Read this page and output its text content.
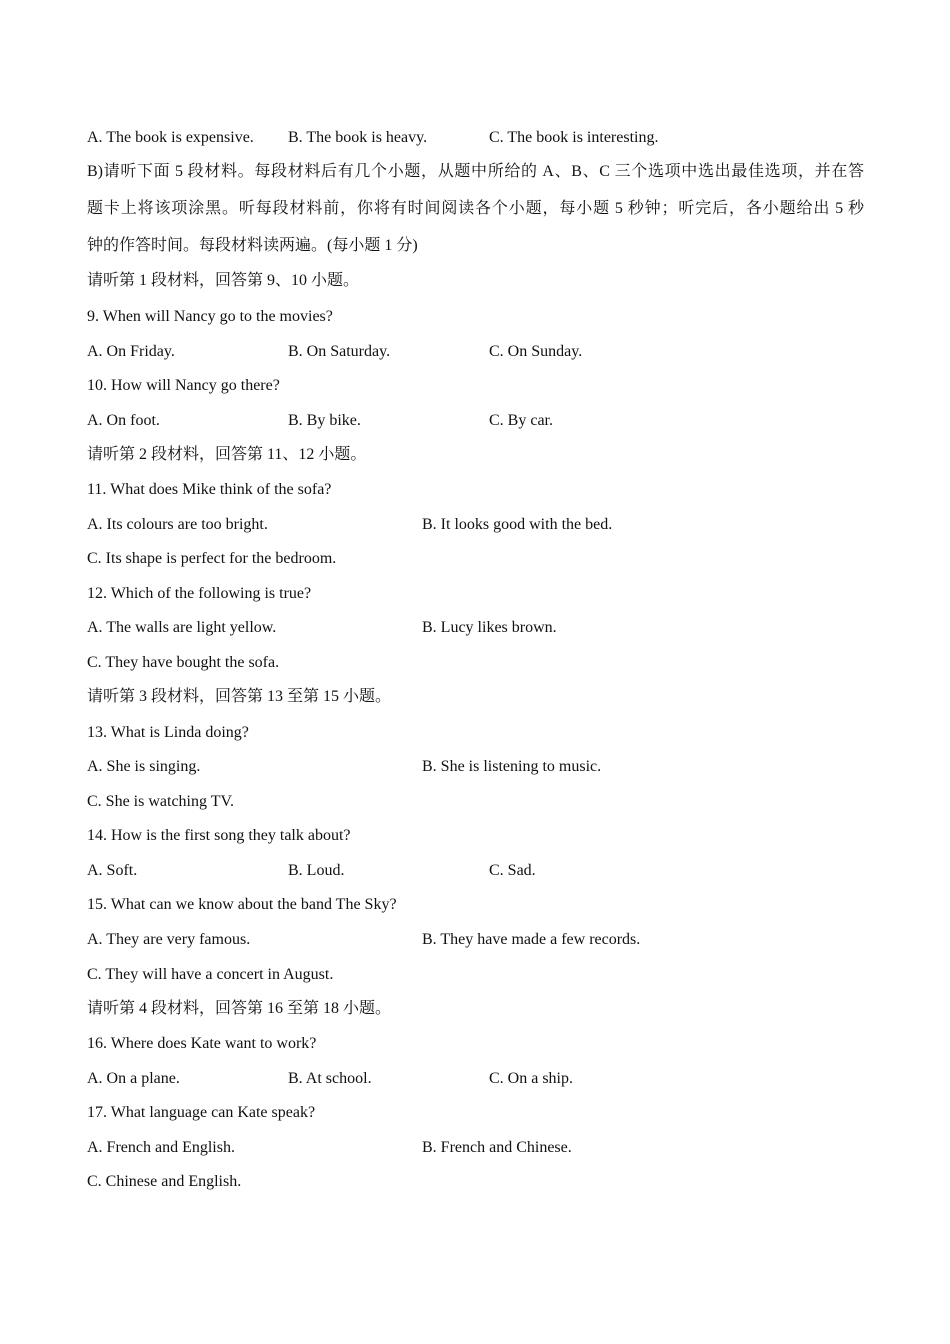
A. The book is expensive. B. The book is heavy.	C. The book is interesting.
B)请听下面 5 段材料。每段材料后有几个小题，从题中所给的 A、B、C 三个选项中选出最佳选项，并在答
题卡上将该项涂黑。听每段材料前，你将有时间阅读各个小题，每小题 5 秒钟；听完后，各小题给出 5 秒
钟的作答时间。每段材料读两遍。(每小题 1 分)
请听第 1 段材料，回答第 9、10 小题。
9. When will Nancy go to the movies?
A. On Friday.	B. On Saturday.	C. On Sunday.
10. How will Nancy go there?
A. On foot.	B. By bike.	C. By car.
请听第 2 段材料，回答第 11、12 小题。
11. What does Mike think of the sofa?
A. Its colours are too bright.	B. It looks good with the bed.
C. Its shape is perfect for the bedroom.
12. Which of the following is true?
A. The walls are light yellow.	B. Lucy likes brown.
C. They have bought the sofa.
请听第 3 段材料，回答第 13 至第 15 小题。
13. What is Linda doing?
A. She is singing.	B. She is listening to music.
C. She is watching TV.
14. How is the first song they talk about?
A. Soft.	B. Loud.	C. Sad.
15. What can we know about the band The Sky?
A. They are very famous.	B. They have made a few records.
C. They will have a concert in August.
请听第 4 段材料，回答第 16 至第 18 小题。
16. Where does Kate want to work?
A. On a plane.	B. At school.	C. On a ship.
17. What language can Kate speak?
A. French and English.	B. French and Chinese.
C. Chinese and English.
